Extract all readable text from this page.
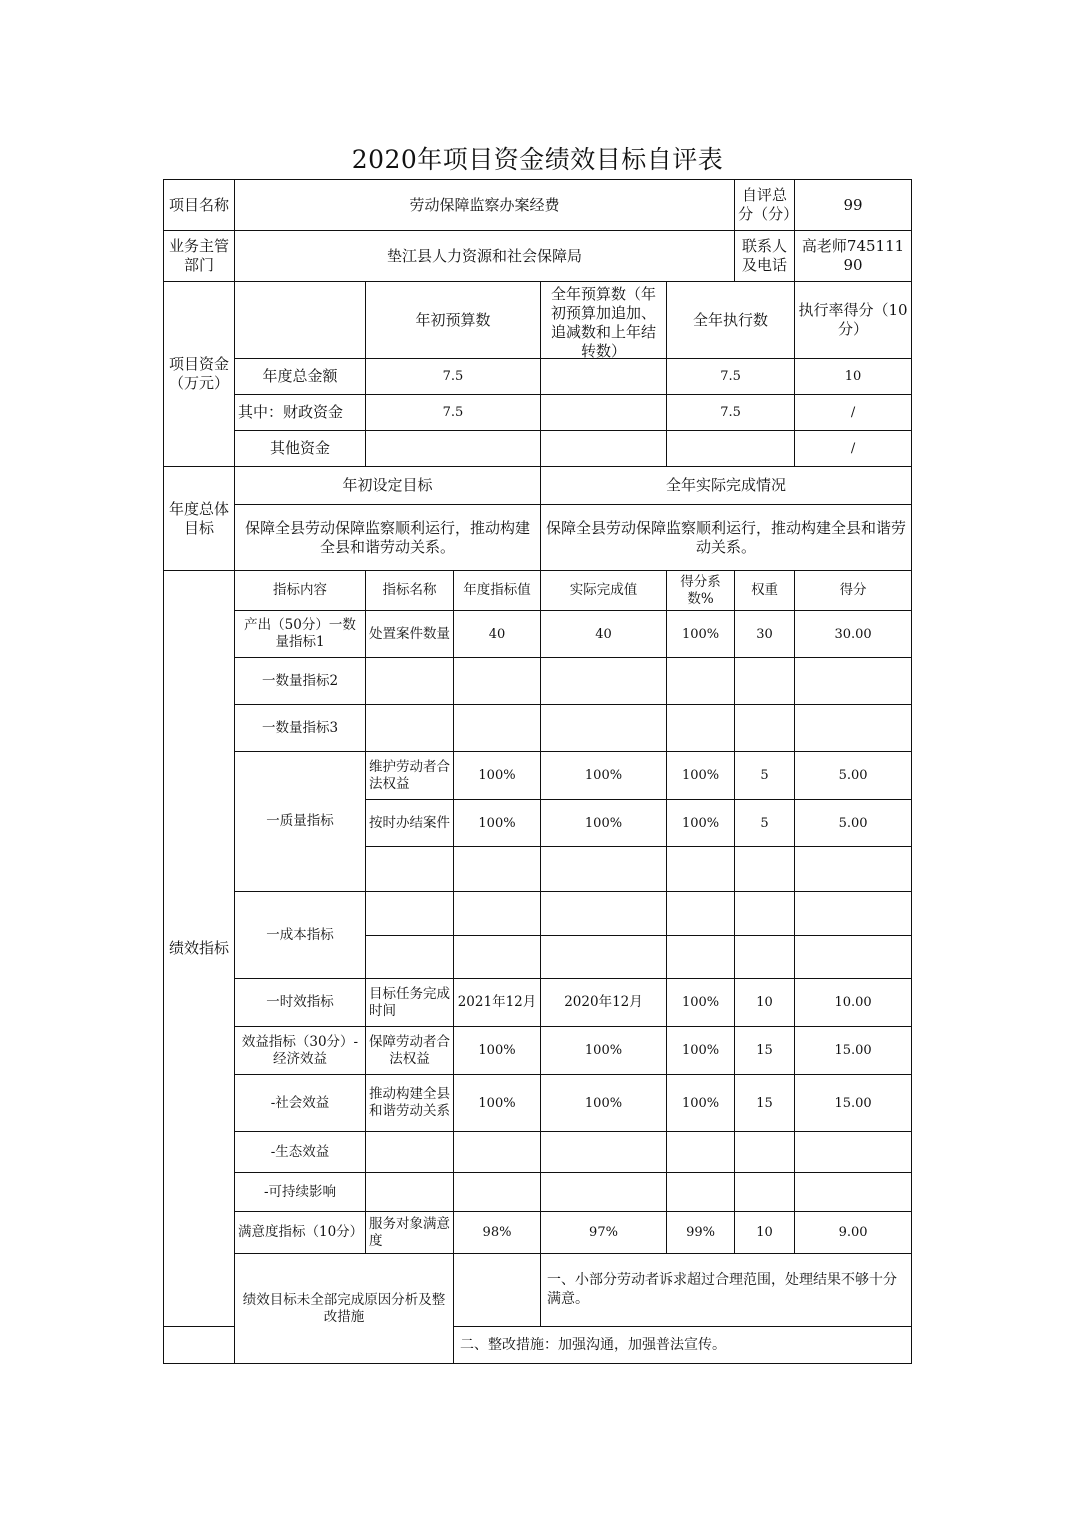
2020年项目资金绩效目标自评表
项目名称	劳动保障监察办案经费					自评总分（分）	99
业务主管部门	垫江县人力资源和社会保障局					联系人及电话	高老师74511190
项目资金（万元）		年初预算数		全年预算数（年初预算加追加、追减数和上年结转数）	全年执行数		执行率得分（10分）
	年度总金额	7.5			7.5		10
	其中：财政资金	7.5			7.5		/
	其他资金						/
年度总体目标	年初设定目标			全年实际完成情况			
	保障全县劳动保障监察顺利运行，推动构建全县和谐劳动关系。			保障全县劳动保障监察顺利运行，推动构建全县和谐劳动关系。			
绩效指标	指标内容	指标名称	年度指标值	实际完成值	得分系数%	权重	得分
	产出（50分）一数量指标1	处置案件数量	40	40	100%	30	30.00
	一数量指标2						
	一数量指标3						
	一质量指标	维护劳动者合法权益	100%	100%	100%	5	5.00
		按时办结案件	100%	100%	100%	5	5.00

	一成本指标						

	一时效指标	目标任务完成时间	2021年12月	2020年12月	100%	10	10.00
	效益指标（30分）-经济效益	保障劳动者合法权益	100%	100%	100%	15	15.00
	-社会效益	推动构建全县和谐劳动关系	100%	100%	100%	15	15.00
	-生态效益						
	-可持续影响						
	满意度指标（10分）	服务对象满意度	98%	97%	99%	10	9.00
	绩效目标未全部完成原因分析及整改措施			一、小部分劳动者诉求超过合理范围，处理结果不够十分满意。			
			二、整改措施：加强沟通，加强普法宣传。				
